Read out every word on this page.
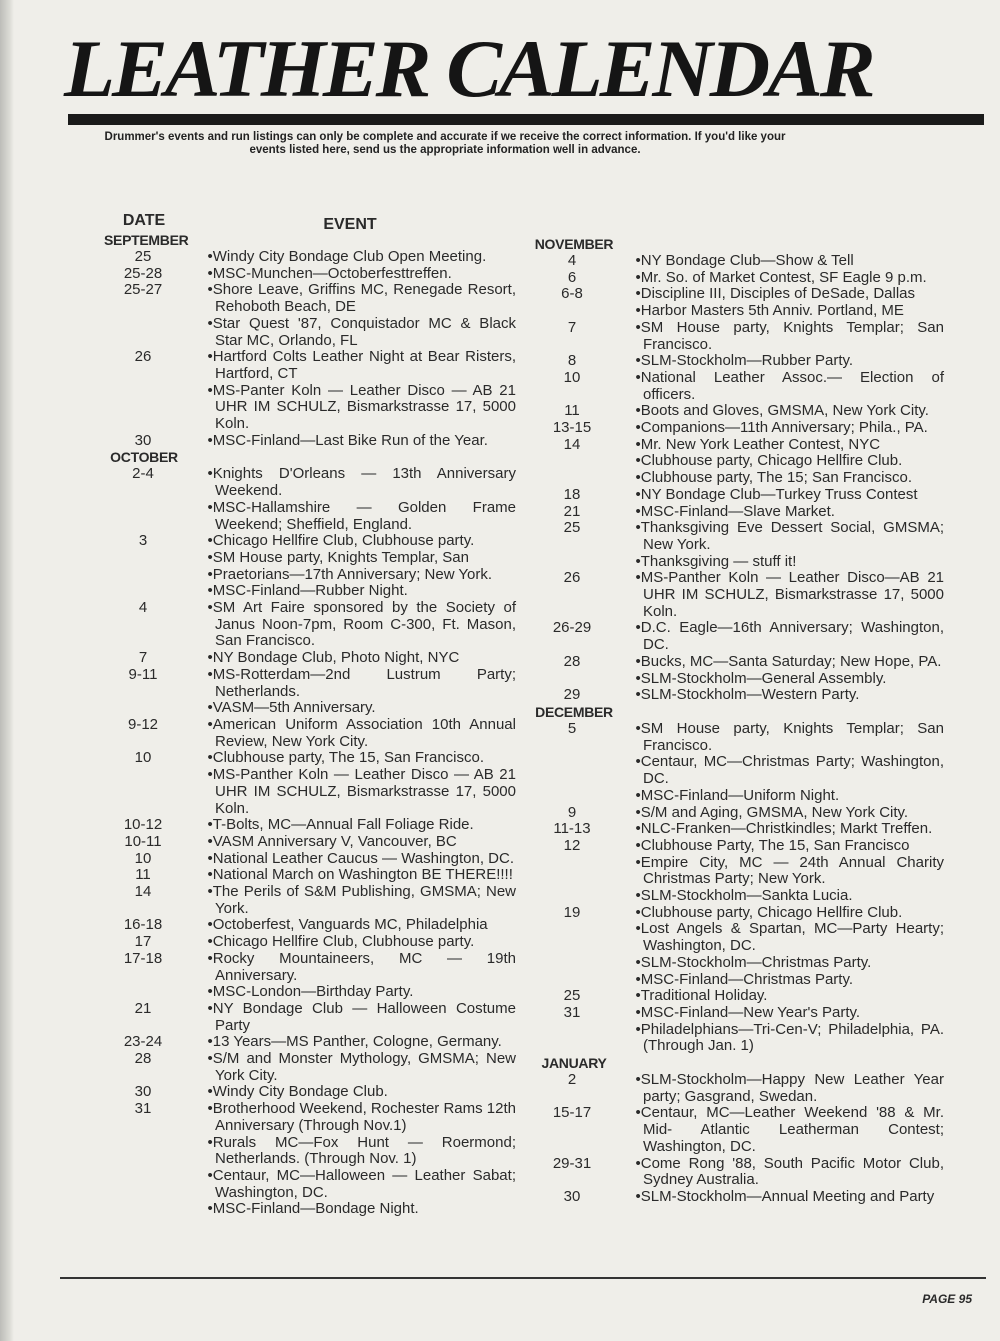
LEATHER CALENDAR
Drummer's events and run listings can only be complete and accurate if we receive the correct information. If you'd like your events listed here, send us the appropriate information well in advance.
DATE	EVENT
SEPTEMBER
25	•Windy City Bondage Club Open Meeting.
25-28	•MSC-Munchen—Octoberfesttreffen.
25-27	•Shore Leave, Griffins MC, Renegade Resort, Rehoboth Beach, DE
•Star Quest '87, Conquistador MC & Black Star MC, Orlando, FL
26	•Hartford Colts Leather Night at Bear Risters, Hartford, CT
•MS-Panter Koln — Leather Disco — AB 21 UHR IM SCHULZ, Bismarkstrasse 17, 5000 Koln.
30	•MSC-Finland—Last Bike Run of the Year.
OCTOBER
2-4	•Knights D'Orleans — 13th Anniversary Weekend.
•MSC-Hallamshire — Golden Frame Weekend; Sheffield, England.
3	•Chicago Hellfire Club, Clubhouse party.
•SM House party, Knights Templar, San
•Praetorians—17th Anniversary; New York.
•MSC-Finland—Rubber Night.
4	•SM Art Faire sponsored by the Society of Janus Noon-7pm, Room C-300, Ft. Mason, San Francisco.
7	•NY Bondage Club, Photo Night, NYC
9-11	•MS-Rotterdam—2nd Lustrum Party; Netherlands.
•VASM—5th Anniversary.
9-12	•American Uniform Association 10th Annual Review, New York City.
10	•Clubhouse party, The 15, San Francisco.
•MS-Panther Koln — Leather Disco — AB 21 UHR IM SCHULZ, Bismarkstrasse 17, 5000 Koln.
10-12	•T-Bolts, MC—Annual Fall Foliage Ride.
10-11	•VASM Anniversary V, Vancouver, BC
10	•National Leather Caucus — Washington, DC.
11	•National March on Washington BE THERE!!!!
14	•The Perils of S&M Publishing, GMSMA; New York.
16-18	•Octoberfest, Vanguards MC, Philadelphia
17	•Chicago Hellfire Club, Clubhouse party.
17-18	•Rocky Mountaineers, MC — 19th Anniversary.
•MSC-London—Birthday Party.
21	•NY Bondage Club — Halloween Costume Party
23-24	•13 Years—MS Panther, Cologne, Germany.
28	•S/M and Monster Mythology, GMSMA; New York City.
30	•Windy City Bondage Club.
31	•Brotherhood Weekend, Rochester Rams 12th Anniversary (Through Nov.1)
•Rurals MC—Fox Hunt — Roermond; Netherlands. (Through Nov. 1)
•Centaur, MC—Halloween — Leather Sabat; Washington, DC.
•MSC-Finland—Bondage Night.
NOVEMBER
4	•NY Bondage Club—Show & Tell
6	•Mr. So. of Market Contest, SF Eagle 9 p.m.
6-8	•Discipline III, Disciples of DeSade, Dallas
•Harbor Masters 5th Anniv. Portland, ME
7	•SM House party, Knights Templar; San Francisco.
8	•SLM-Stockholm—Rubber Party.
10	•National Leather Assoc.— Election of officers.
11	•Boots and Gloves, GMSMA, New York City.
13-15	•Companions—11th Anniversary; Phila., PA.
14	•Mr. New York Leather Contest, NYC
•Clubhouse party, Chicago Hellfire Club.
•Clubhouse party, The 15; San Francisco.
18	•NY Bondage Club—Turkey Truss Contest
21	•MSC-Finland—Slave Market.
25	•Thanksgiving Eve Dessert Social, GMSMA; New York.
•Thanksgiving — stuff it!
26	•MS-Panther Koln — Leather Disco—AB 21 UHR IM SCHULZ, Bismarkstrasse 17, 5000 Koln.
26-29	•D.C. Eagle—16th Anniversary; Washington, DC.
28	•Bucks, MC—Santa Saturday; New Hope, PA.
•SLM-Stockholm—General Assembly.
29	•SLM-Stockholm—Western Party.
DECEMBER
5	•SM House party, Knights Templar; San Francisco.
•Centaur, MC—Christmas Party; Washington, DC.
•MSC-Finland—Uniform Night.
9	•S/M and Aging, GMSMA, New York City.
11-13	•NLC-Franken—Christkindles; Markt Treffen.
12	•Clubhouse Party, The 15, San Francisco
•Empire City, MC — 24th Annual Charity Christmas Party; New York.
•SLM-Stockholm—Sankta Lucia.
19	•Clubhouse party, Chicago Hellfire Club.
•Lost Angels & Spartan, MC—Party Hearty; Washington, DC.
•SLM-Stockholm—Christmas Party.
•MSC-Finland—Christmas Party.
25	•Traditional Holiday.
31	•MSC-Finland—New Year's Party.
•Philadelphians—Tri-Cen-V; Philadelphia, PA. (Through Jan. 1)
JANUARY
2	•SLM-Stockholm—Happy New Leather Year party; Gasgrand, Swedan.
15-17	•Centaur, MC—Leather Weekend '88 & Mr. Mid- Atlantic Leatherman Contest; Washington, DC.
29-31	•Come Rong '88, South Pacific Motor Club, Sydney Australia.
30	•SLM-Stockholm—Annual Meeting and Party
PAGE 95
